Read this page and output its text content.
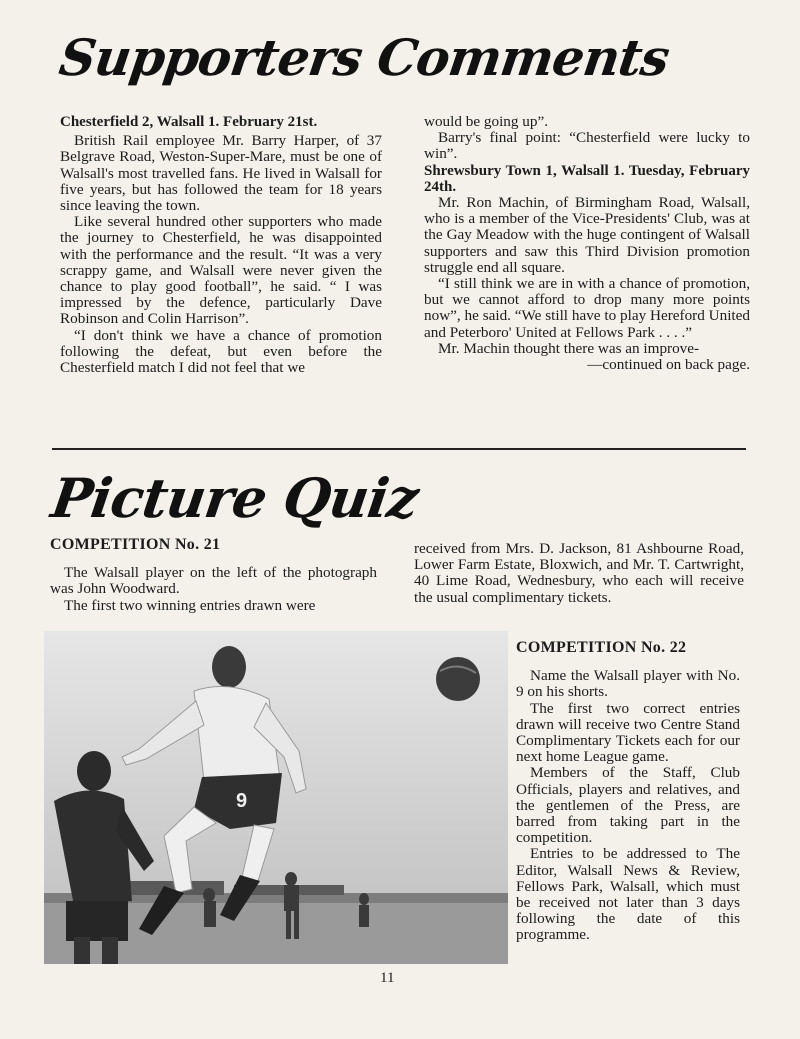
Supporters Comments

Chesterfield 2, Walsall 1. February 21st.

British Rail employee Mr. Barry Harper, of 37 Belgrave Road, Weston-Super-Mare, must be one of Walsall's most travelled fans. He lived in Walsall for five years, but has followed the team for 18 years since leaving the town.

Like several hundred other supporters who made the journey to Chesterfield, he was disappointed with the performance and the result. “It was a very scrappy game, and Walsall were never given the chance to play good football”, he said. “ I was impressed by the defence, particularly Dave Robinson and Colin Harrison”.

“I don't think we have a chance of promotion following the defeat, but even before the Chesterfield match I did not feel that we

would be going up”.

Barry's final point: “Chesterfield were lucky to win”.

Shrewsbury Town 1, Walsall 1. Tuesday, February 24th.

Mr. Ron Machin, of Birmingham Road, Walsall, who is a member of the Vice-Presidents' Club, was at the Gay Meadow with the huge contingent of Walsall supporters and saw this Third Division promotion struggle end all square.

“I still think we are in with a chance of promotion, but we cannot afford to drop many more points now”, he said. “We still have to play Hereford United and Peterboro' United at Fellows Park . . . .”

Mr. Machin thought there was an improve-

—continued on back page.

Picture Quiz

COMPETITION No. 21

The Walsall player on the left of the photograph was John Woodward.

The first two winning entries drawn were

received from Mrs. D. Jackson, 81 Ashbourne Road, Lower Farm Estate, Bloxwich, and Mr. T. Cartwright, 40 Lime Road, Wednesbury, who each will receive the usual complimentary tickets.

9

COMPETITION No. 22

Name the Walsall player with No. 9 on his shorts.

The first two correct entries drawn will receive two Centre Stand Complimentary Tickets each for our next home League game.

Members of the Staff, Club Officials, players and relatives, and the gentlemen of the Press, are barred from taking part in the competition.

Entries to be addressed to The Editor, Walsall News & Review, Fellows Park, Walsall, which must be received not later than 3 days following the date of this programme.

11
